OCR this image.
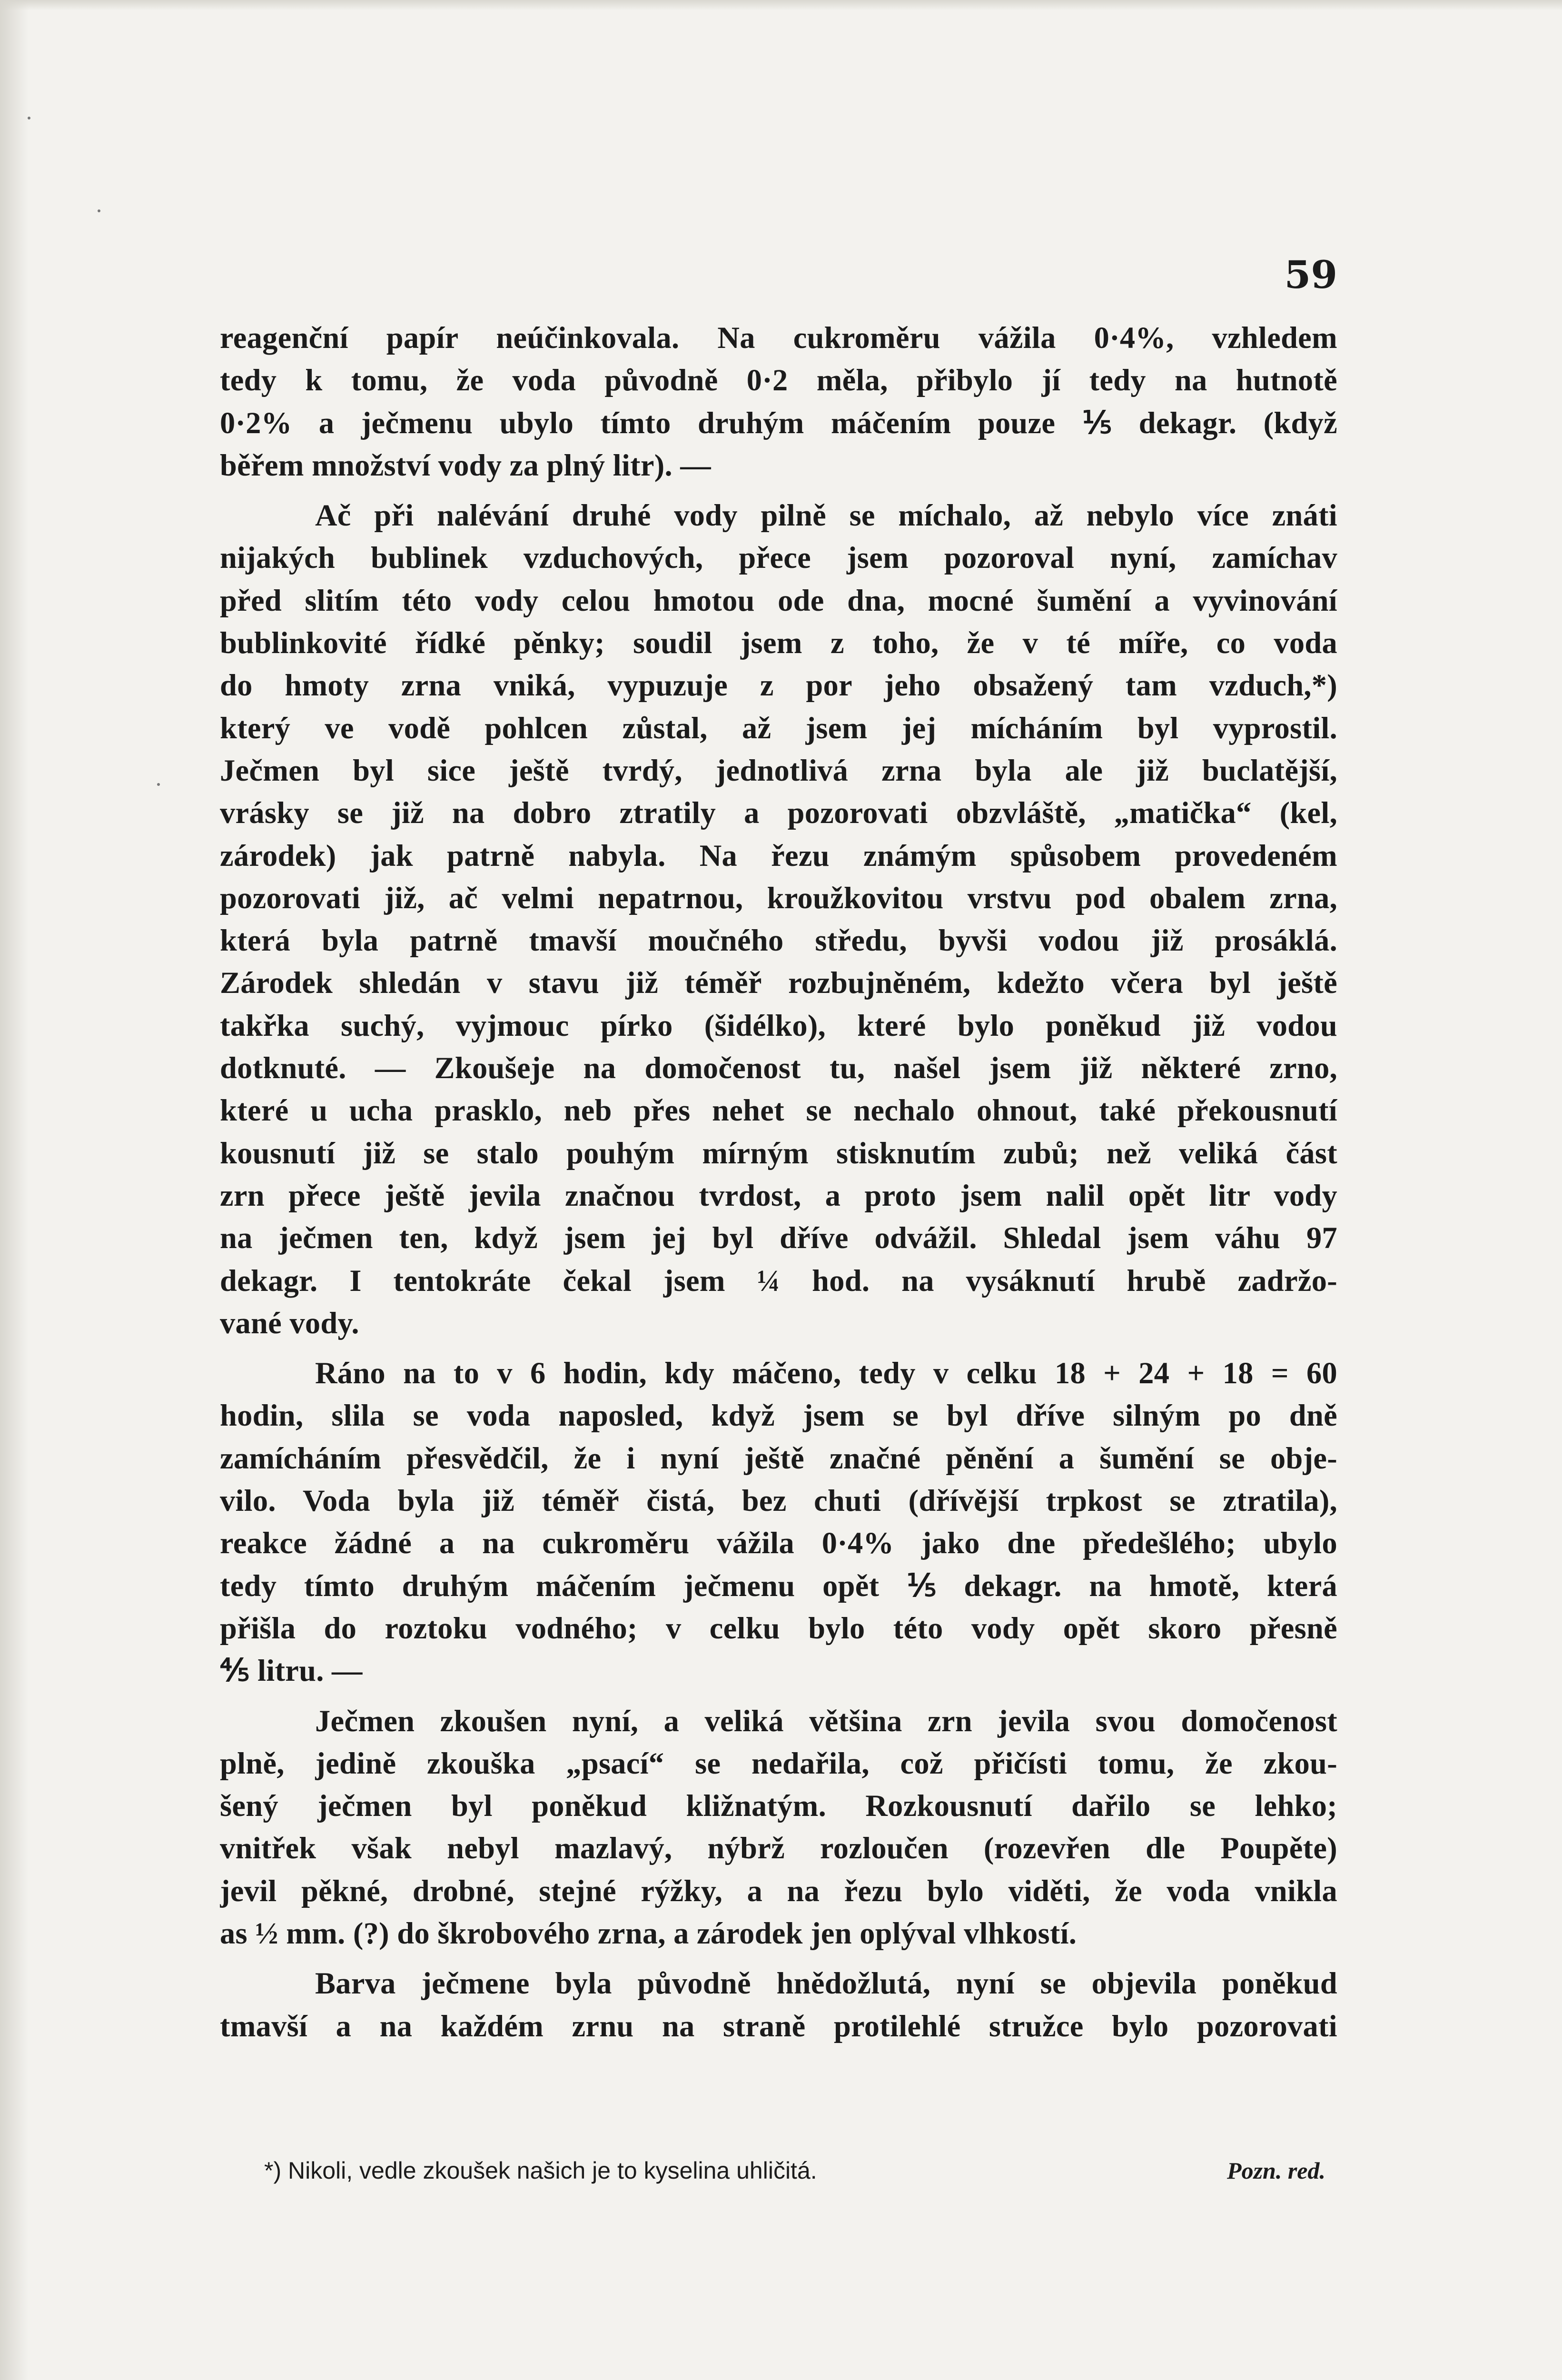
59
reagenční papír neúčinkovala. Na cukroměru vážila 0·4%, vzhledem
tedy k tomu, že voda původně 0·2 měla, přibylo jí tedy na hutnotě
0·2% a ječmenu ubylo tímto druhým máčením pouze ⅕ dekagr. (když
běřem množství vody za plný litr). —
Ač při nalévání druhé vody pilně se míchalo, až nebylo více znáti
nijakých bublinek vzduchových, přece jsem pozoroval nyní, zamíchav
před slitím této vody celou hmotou ode dna, mocné šumění a vyvinování
bublinkovité řídké pěnky; soudil jsem z toho, že v té míře, co voda
do hmoty zrna vniká, vypuzuje z por jeho obsažený tam vzduch,*)
který ve vodě pohlcen zůstal, až jsem jej mícháním byl vyprostil.
Ječmen byl sice ještě tvrdý, jednotlivá zrna byla ale již buclatější,
vrásky se již na dobro ztratily a pozorovati obzvláště, „matička“ (kel,
zárodek) jak patrně nabyla. Na řezu známým spůsobem provedeném
pozorovati již, ač velmi nepatrnou, kroužkovitou vrstvu pod obalem zrna,
která byla patrně tmavší moučného středu, byvši vodou již prosáklá.
Zárodek shledán v stavu již téměř rozbujněném, kdežto včera byl ještě
takřka suchý, vyjmouc pírko (šidélko), které bylo poněkud již vodou
dotknuté. — Zkoušeje na domočenost tu, našel jsem již některé zrno,
které u ucha prasklo, neb přes nehet se nechalo ohnout, také překousnutí
kousnutí již se stalo pouhým mírným stisknutím zubů; než veliká část
zrn přece ještě jevila značnou tvrdost, a proto jsem nalil opět litr vody
na ječmen ten, když jsem jej byl dříve odvážil. Shledal jsem váhu 97
dekagr. I tentokráte čekal jsem ¼ hod. na vysáknutí hrubě zadržo-
vané vody.
Ráno na to v 6 hodin, kdy máčeno, tedy v celku 18 + 24 + 18 = 60
hodin, slila se voda naposled, když jsem se byl dříve silným po dně
zamícháním přesvědčil, že i nyní ještě značné pěnění a šumění se obje-
vilo. Voda byla již téměř čistá, bez chuti (dřívější trpkost se ztratila),
reakce žádné a na cukroměru vážila 0·4% jako dne předešlého; ubylo
tedy tímto druhým máčením ječmenu opět ⅕ dekagr. na hmotě, která
přišla do roztoku vodného; v celku bylo této vody opět skoro přesně
⅘ litru. —
Ječmen zkoušen nyní, a veliká většina zrn jevila svou domočenost
plně, jedině zkouška „psací“ se nedařila, což přičísti tomu, že zkou-
šený ječmen byl poněkud kližnatým. Rozkousnutí dařilo se lehko;
vnitřek však nebyl mazlavý, nýbrž rozloučen (rozevřen dle Poupěte)
jevil pěkné, drobné, stejné rýžky, a na řezu bylo viděti, že voda vnikla
as ½ mm. (?) do škrobového zrna, a zárodek jen oplýval vlhkostí.
Barva ječmene byla původně hnědožlutá, nyní se objevila poněkud
tmavší a na každém zrnu na straně protilehlé stružce bylo pozorovati
*) Nikoli, vedle zkoušek našich je to kyselina uhličitá.	Pozn. red.
